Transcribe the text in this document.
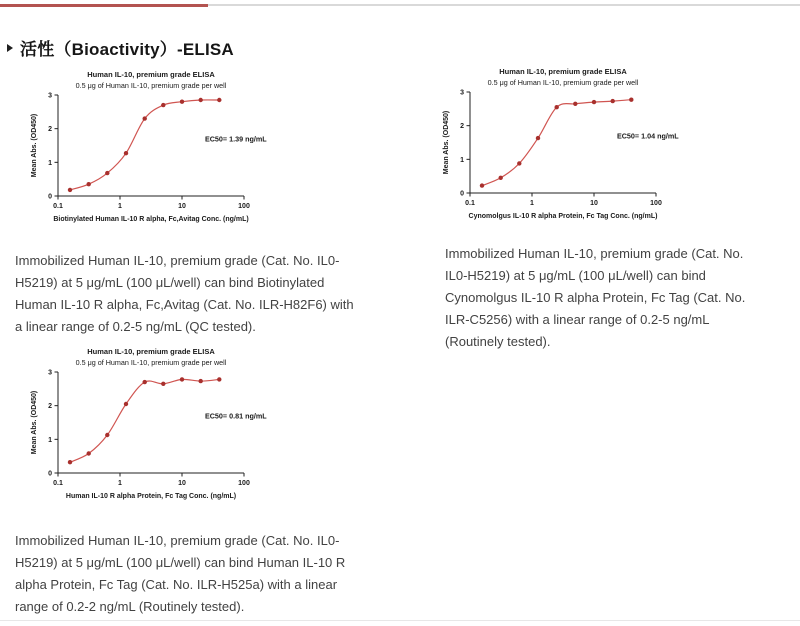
活性（Bioactivity）-ELISA
Human IL-10, premium grade ELISA
0.5 μg of Human IL-10, premium grade per well
0.1	1	10	100
0
1
2
3
Biotinylated Human IL-10 R alpha, Fc,Avitag Conc. (ng/mL)
Mean Abs. (OD450)	EC50= 1.39 ng/mL
Human IL-10, premium grade ELISA
0.5 μg of Human IL-10, premium grade per well
0.1	1	10	100
0
1
2
3
Cynomolgus IL-10 R alpha Protein, Fc Tag Conc. (ng/mL)
Mean Abs. (OD450)	EC50= 1.04 ng/mL

Immobilized Human IL-10, premium grade (Cat. No. IL0-H5219) at 5 μg/mL (100 μL/well) can bind Biotinylated Human IL-10 R alpha, Fc,Avitag (Cat. No. ILR-H82F6) with a linear range of 0.2-5 ng/mL (QC tested).

Immobilized Human IL-10, premium grade (Cat. No. IL0-H5219) at 5 μg/mL (100 μL/well) can bind Cynomolgus IL-10 R alpha Protein, Fc Tag (Cat. No. ILR-C5256) with a linear range of 0.2-5 ng/mL (Routinely tested).

Human IL-10, premium grade ELISA
0.5 μg of Human IL-10, premium grade per well
0.1	1	10	100
0
1
2
3
Human IL-10 R alpha Protein, Fc Tag Conc. (ng/mL)
Mean Abs. (OD450)	EC50= 0.81 ng/mL

Immobilized Human IL-10, premium grade (Cat. No. IL0-H5219) at 5 μg/mL (100 μL/well) can bind Human IL-10 R alpha Protein, Fc Tag (Cat. No. ILR-H525a) with a linear range of 0.2-2 ng/mL (Routinely tested).
